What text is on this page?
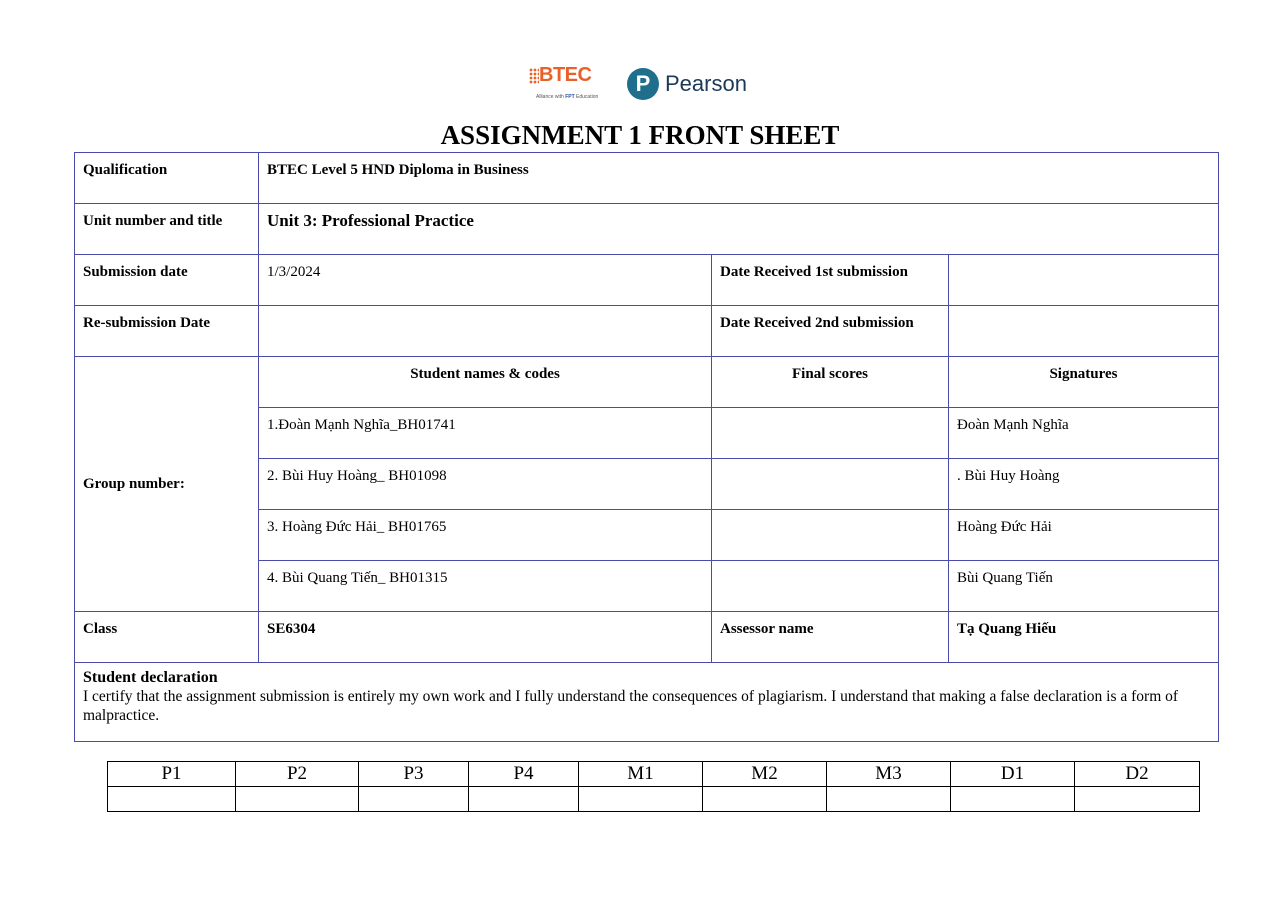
BTEC
Alliance with FPT Education
P Pearson
ASSIGNMENT 1 FRONT SHEET
Qualification	BTEC Level 5 HND Diploma in Business		
Unit number and title	Unit 3: Professional Practice		
Submission date	1/3/2024	Date Received 1st submission	
Re-submission Date		Date Received 2nd submission	
Group number:	Student names & codes	Final scores	Signatures
	1.Đoàn Mạnh Nghĩa_BH01741		Đoàn Mạnh Nghĩa
	2. Bùi Huy Hoàng_ BH01098		. Bùi Huy Hoàng
	3. Hoàng Đức Hải_ BH01765		Hoàng Đức Hải
	4. Bùi Quang Tiến_ BH01315		Bùi Quang Tiến
Class	SE6304	Assessor name	Tạ Quang Hiếu

Student declaration
I certify that the assignment submission is entirely my own work and I fully understand the consequences of plagiarism. I understand that making a false declaration is a form of malpractice.			
P1	P2	P3	P4	M1	M2	M3	D1	D2
